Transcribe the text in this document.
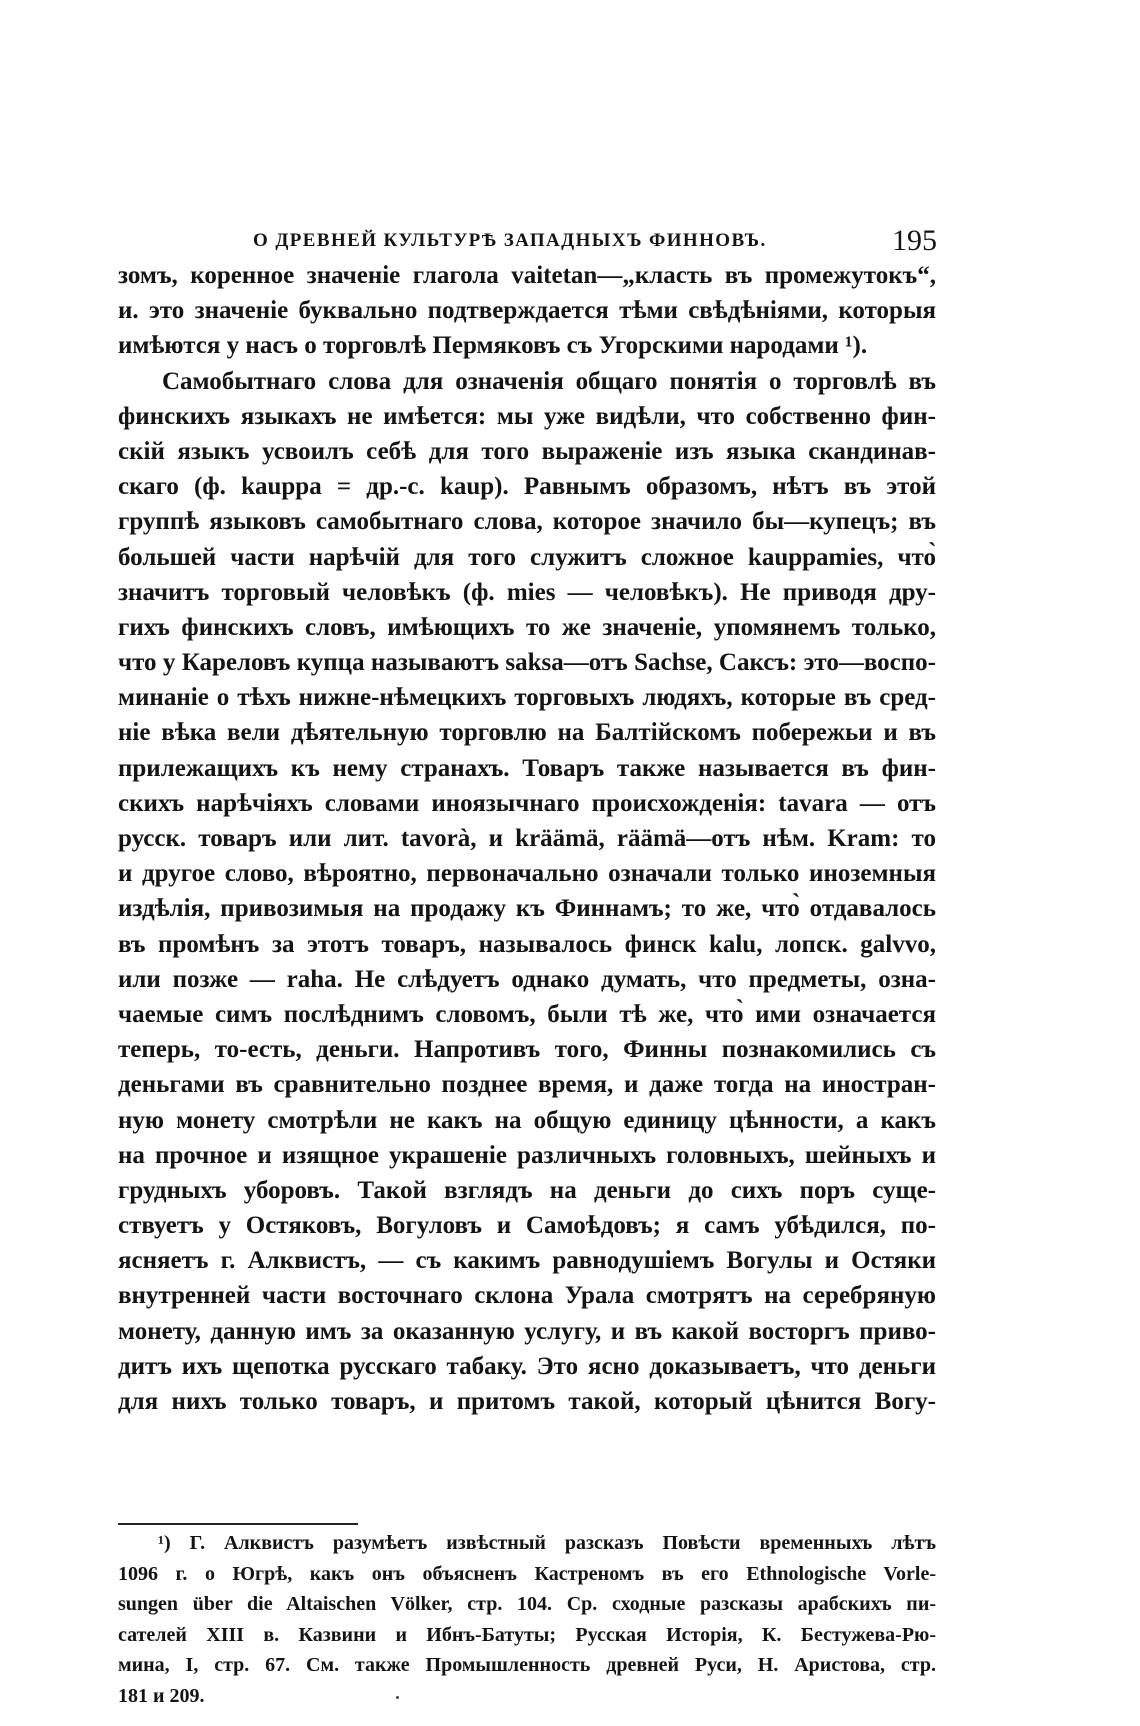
О ДРЕВНЕЙ КУЛЬТУРѢ ЗАПАДНЫХЪ ФИННОВЪ.	195
зомъ, коренное значеніе глагола vaitetan—„класть въ промежутокъ“,
и. это значеніе буквально подтверждается тѣми свѣдѣніями, которыя
имѣются у насъ о торговлѣ Пермяковъ съ Угорскими народами ¹).
Самобытнаго слова для означенія общаго понятія о торговлѣ въ
финскихъ языкахъ не имѣется: мы уже видѣли, что собственно фин-
скій языкъ усвоилъ себѣ для того выраженіе изъ языка скандинав-
скаго (ф. kauppa = др.-с. kaup). Равнымъ образомъ, нѣтъ въ этой
группѣ языковъ самобытнаго слова, которое значило бы—купецъ; въ
большей части нарѣчій для того служитъ сложное kauppamies, что̀
значитъ торговый человѣкъ (ф. mies — человѣкъ). Не приводя дру-
гихъ финскихъ словъ, имѣющихъ то же значеніе, упомянемъ только,
что у Кареловъ купца называютъ saksa—отъ Sachse, Саксъ: это—воспо-
минаніе о тѣхъ нижне-нѣмецкихъ торговыхъ людяхъ, которые въ сред-
ніе вѣка вели дѣятельную торговлю на Балтійскомъ побережьи и въ
прилежащихъ къ нему странахъ. Товаръ также называется въ фин-
скихъ нарѣчіяхъ словами иноязычнаго происхожденія: tavara — отъ
русск. товаръ или лит. tavorà, и kräämä, räämä—отъ нѣм. Kram: то
и другое слово, вѣроятно, первоначально означали только иноземныя
издѣлія, привозимыя на продажу къ Финнамъ; то же, что̀ отдавалось
въ промѣнъ за этотъ товаръ, называлось финск kalu, лопск. galvvo,
или позже — raha. Не слѣдуетъ однако думать, что предметы, озна-
чаемые симъ послѣднимъ словомъ, были тѣ же, что̀ ими означается
теперь, то-есть, деньги. Напротивъ того, Финны познакомились съ
деньгами въ сравнительно позднее время, и даже тогда на иностран-
ную монету смотрѣли не какъ на общую единицу цѣнности, а какъ
на прочное и изящное украшеніе различныхъ головныхъ, шейныхъ и
грудныхъ уборовъ. Такой взглядъ на деньги до сихъ поръ суще-
ствуетъ у Остяковъ, Вогуловъ и Самоѣдовъ; я самъ убѣдился, по-
ясняетъ г. Алквистъ, — съ какимъ равнодушіемъ Вогулы и Остяки
внутренней части восточнаго склона Урала смотрятъ на серебряную
монету, данную имъ за оказанную услугу, и въ какой восторгъ приво-
дитъ ихъ щепотка русскаго табаку. Это ясно доказываетъ, что деньги
для нихъ только товаръ, и притомъ такой, который цѣнится Вогу-
¹) Г. Алквистъ разумѣетъ извѣстный разсказъ Повѣсти временныхъ лѣтъ
1096 г. о Югрѣ, какъ онъ объясненъ Кастреномъ въ его Ethnologische Vorle-
sungen über die Altaischen Völker, стр. 104. Ср. сходные разсказы арабскихъ пи-
сателей XIII в. Казвини и Ибнъ-Батуты; Русская Исторія, К. Бестужева-Рю-
мина, I, стр. 67. См. также Промышленность древней Руси, Н. Аристова, стр.
181 и 209.
